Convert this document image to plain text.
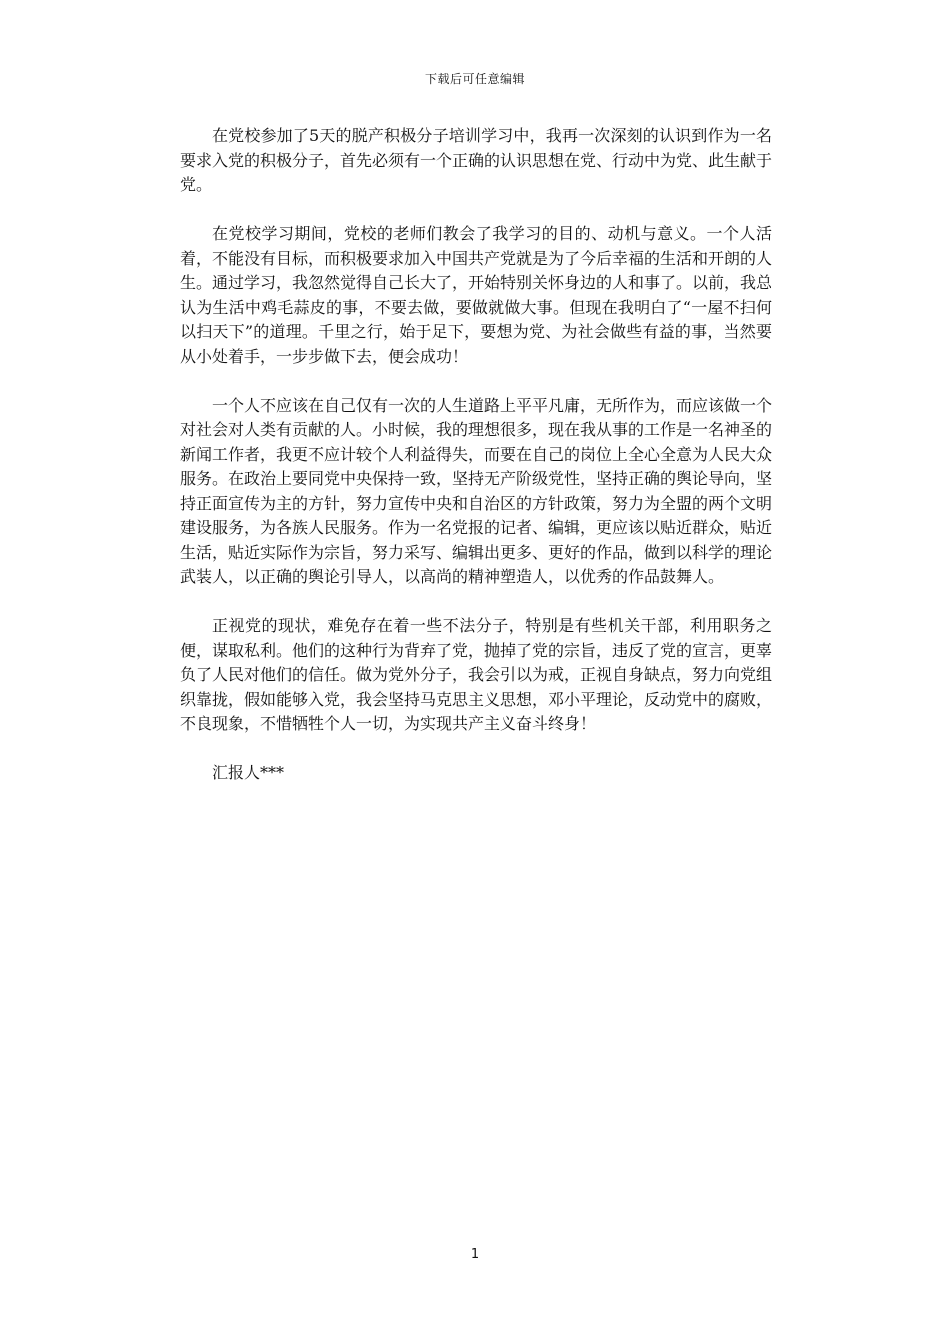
下载后可任意编辑

在党校参加了5天的脱产积极分子培训学习中，我再一次深刻的认识到作为一名要求入党的积极分子，首先必须有一个正确的认识思想在党、行动中为党、此生献于党。

在党校学习期间，党校的老师们教会了我学习的目的、动机与意义。一个人活着，不能没有目标，而积极要求加入中国共产党就是为了今后幸福的生活和开朗的人生。通过学习，我忽然觉得自己长大了，开始特别关怀身边的人和事了。以前，我总认为生活中鸡毛蒜皮的事，不要去做，要做就做大事。但现在我明白了“一屋不扫何以扫天下”的道理。千里之行，始于足下，要想为党、为社会做些有益的事，当然要从小处着手，一步步做下去，便会成功！

一个人不应该在自己仅有一次的人生道路上平平凡庸，无所作为，而应该做一个对社会对人类有贡献的人。小时候，我的理想很多，现在我从事的工作是一名神圣的新闻工作者，我更不应计较个人利益得失，而要在自己的岗位上全心全意为人民大众服务。在政治上要同党中央保持一致，坚持无产阶级党性，坚持正确的舆论导向，坚持正面宣传为主的方针，努力宣传中央和自治区的方针政策，努力为全盟的两个文明建设服务，为各族人民服务。作为一名党报的记者、编辑，更应该以贴近群众，贴近生活，贴近实际作为宗旨，努力采写、编辑出更多、更好的作品，做到以科学的理论武装人，以正确的舆论引导人，以高尚的精神塑造人，以优秀的作品鼓舞人。

正视党的现状，难免存在着一些不法分子，特别是有些机关干部，利用职务之便，谋取私利。他们的这种行为背弃了党，抛掉了党的宗旨，违反了党的宣言，更辜负了人民对他们的信任。做为党外分子，我会引以为戒，正视自身缺点，努力向党组织靠拢，假如能够入党，我会坚持马克思主义思想，邓小平理论，反动党中的腐败，不良现象，不惜牺牲个人一切，为实现共产主义奋斗终身！

汇报人***

1
